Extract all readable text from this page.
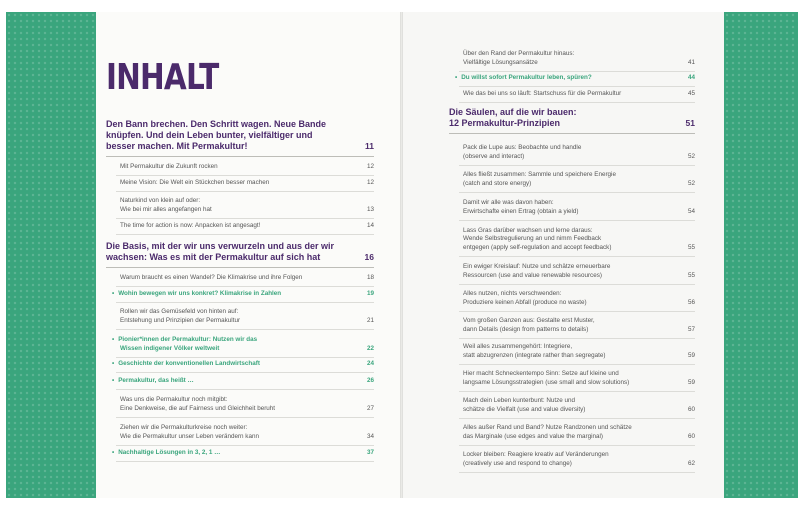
INHALT
Den Bann brechen. Den Schritt wagen. Neue Bande
knüpfen. Und dein Leben bunter, vielfältiger und
besser machen. Mit Permakultur!	11
Mit Permakultur die Zukunft rocken	12
Meine Vision: Die Welt ein Stückchen besser machen	12
Naturkind von klein auf oder:
Wie bei mir alles angefangen hat	13
The time for action is now: Anpacken ist angesagt!	14
Die Basis, mit der wir uns verwurzeln und aus der wir
wachsen: Was es mit der Permakultur auf sich hat	16
Warum braucht es einen Wandel? Die Klimakrise und ihre Folgen	18
• Wohin bewegen wir uns konkret? Klimakrise in Zahlen	19
Rollen wir das Gemüsefeld von hinten auf:
Entstehung und Prinzipien der Permakultur	21
• Pionier*innen der Permakultur: Nutzen wir das
Wissen indigener Völker weltweit	22
• Geschichte der konventionellen Landwirtschaft	24
• Permakultur, das heißt …	26
Was uns die Permakultur noch mitgibt:
Eine Denkweise, die auf Fairness und Gleichheit beruht	27
Ziehen wir die Permakulturkreise noch weiter:
Wie die Permakultur unser Leben verändern kann	34
• Nachhaltige Lösungen in 3, 2, 1 …	37
Über den Rand der Permakultur hinaus:
Vielfältige Lösungsansätze	41
• Du willst sofort Permakultur leben, spüren?	44
Wie das bei uns so läuft: Startschuss für die Permakultur	45
Die Säulen, auf die wir bauen:
12 Permakultur-Prinzipien	51
Pack die Lupe aus: Beobachte und handle
(observe and interact)	52
Alles fließt zusammen: Sammle und speichere Energie
(catch and store energy)	52
Damit wir alle was davon haben:
Erwirtschafte einen Ertrag (obtain a yield)	54
Lass Gras darüber wachsen und lerne daraus:
Wende Selbstregulierung an und nimm Feedback
entgegen (apply self-regulation and accept feedback)	55
Ein ewiger Kreislauf: Nutze und schätze erneuerbare
Ressourcen (use and value renewable resources)	55
Alles nutzen, nichts verschwenden:
Produziere keinen Abfall (produce no waste)	56
Vom großen Ganzen aus: Gestalte erst Muster,
dann Details (design from patterns to details)	57
Weil alles zusammengehört: Integriere,
statt abzugrenzen (integrate rather than segregate)	59
Hier macht Schneckentempo Sinn: Setze auf kleine und
langsame Lösungsstrategien (use small and slow solutions)	59
Mach dein Leben kunterbunt: Nutze und
schätze die Vielfalt (use and value diversity)	60
Alles außer Rand und Band? Nutze Randzonen und schätze
das Marginale (use edges and value the marginal)	60
Locker bleiben: Reagiere kreativ auf Veränderungen
(creatively use and respond to change)	62
